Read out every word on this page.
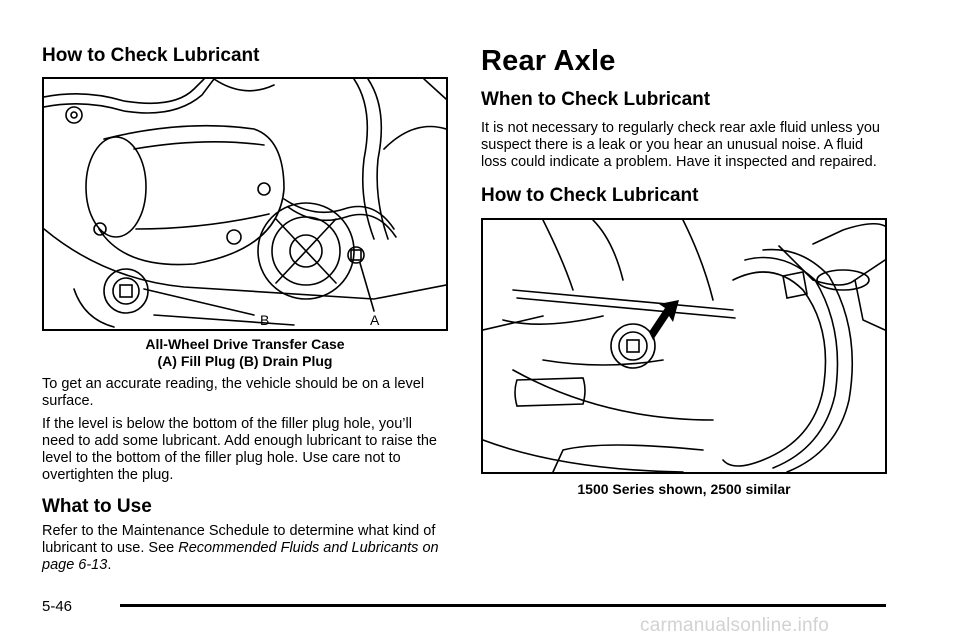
How to Check Lubricant
B	A
All-Wheel Drive Transfer Case
(A) Fill Plug (B) Drain Plug

To get an accurate reading, the vehicle should be on a level surface.

If the level is below the bottom of the filler plug hole, you’ll need to add some lubricant. Add enough lubricant to raise the level to the bottom of the filler plug hole. Use care not to overtighten the plug.

What to Use

Refer to the Maintenance Schedule to determine what kind of lubricant to use. See Recommended Fluids and Lubricants on page 6-13.

Rear Axle
When to Check Lubricant

It is not necessary to regularly check rear axle fluid unless you suspect there is a leak or you hear an unusual noise. A fluid loss could indicate a problem. Have it inspected and repaired.

How to Check Lubricant
1500 Series shown, 2500 similar
5-46
carmanualsonline.info
